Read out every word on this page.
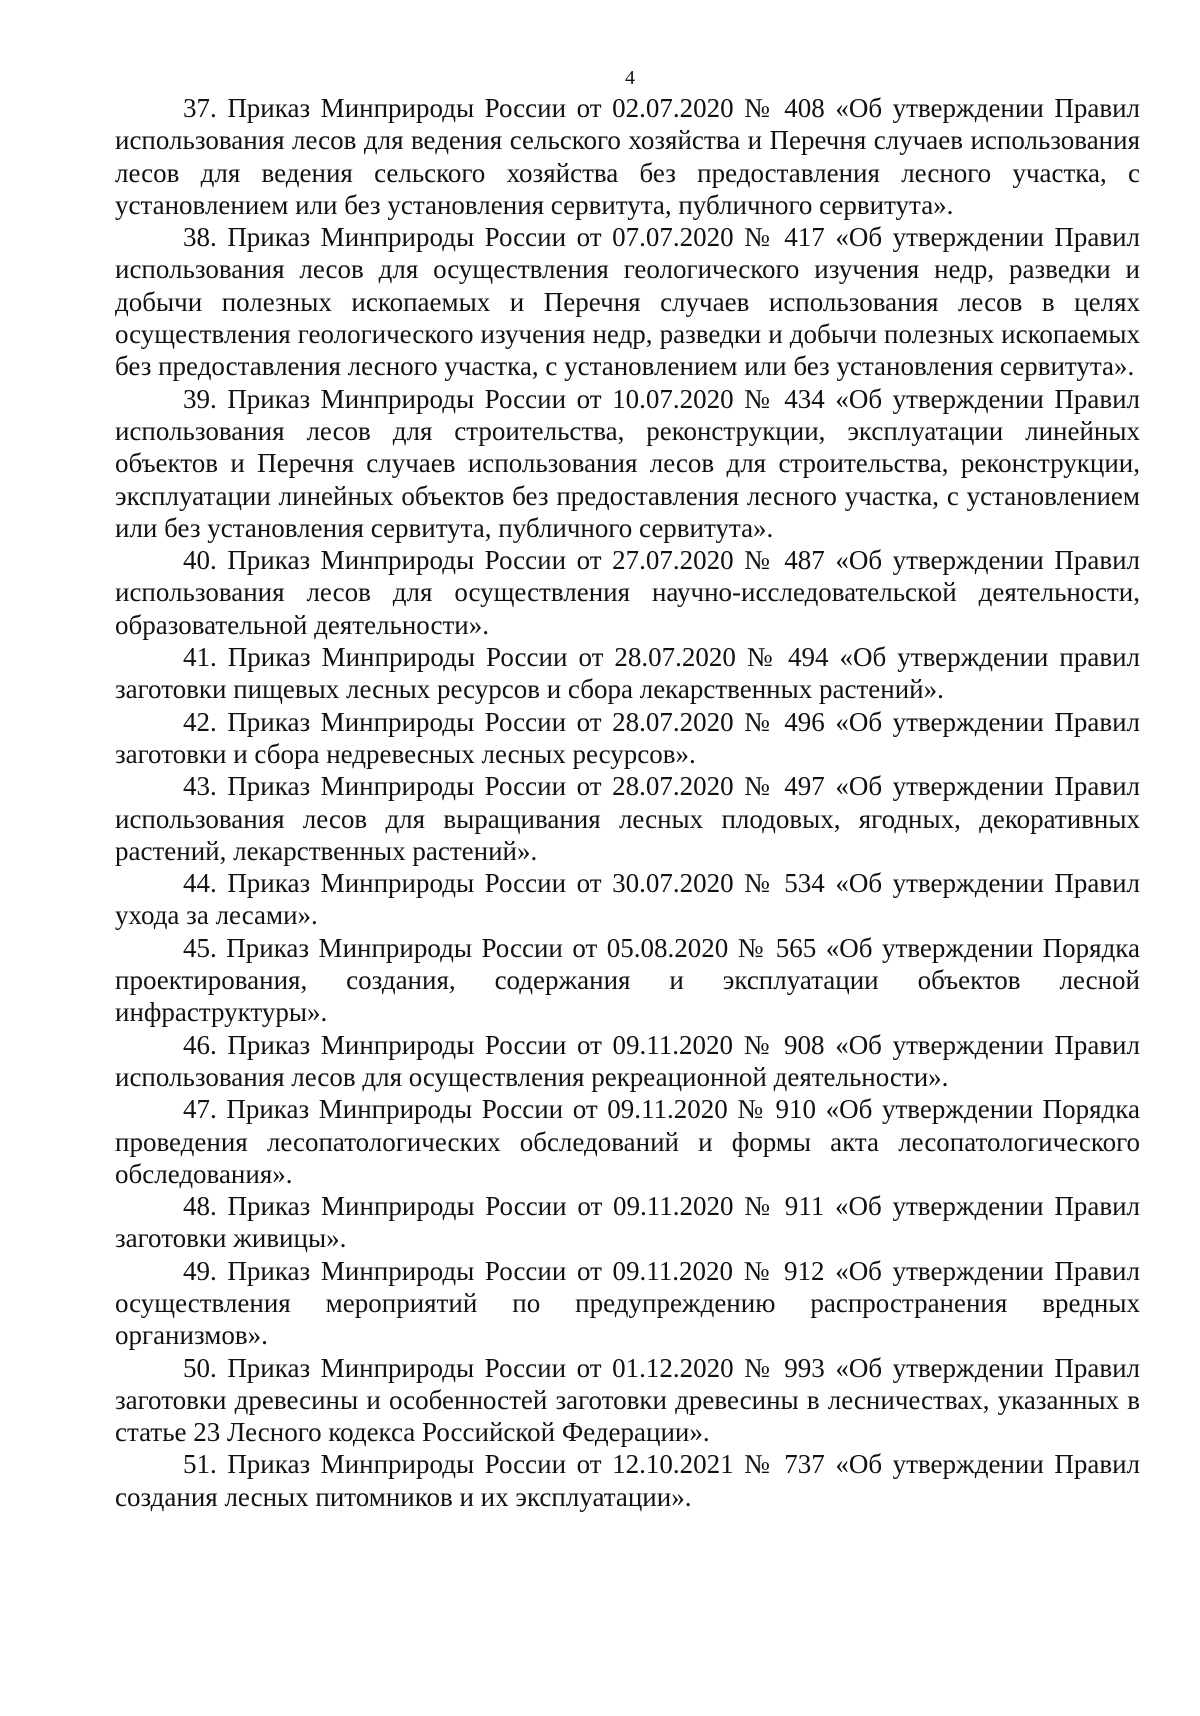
4

37. Приказ Минприроды России от 02.07.2020 № 408 «Об утверждении Правил использования лесов для ведения сельского хозяйства и Перечня случаев использования лесов для ведения сельского хозяйства без предоставления лесного участка, с установлением или без установления сервитута, публичного сервитута».

38. Приказ Минприроды России от 07.07.2020 № 417 «Об утверждении Правил использования лесов для осуществления геологического изучения недр, разведки и добычи полезных ископаемых и Перечня случаев использования лесов в целях осуществления геологического изучения недр, разведки и добычи полезных ископаемых без предоставления лесного участка, с установлением или без установления сервитута».

39. Приказ Минприроды России от 10.07.2020 № 434 «Об утверждении Правил использования лесов для строительства, реконструкции, эксплуатации линейных объектов и Перечня случаев использования лесов для строительства, реконструкции, эксплуатации линейных объектов без предоставления лесного участка, с установлением или без установления сервитута, публичного сервитута».

40. Приказ Минприроды России от 27.07.2020 № 487 «Об утверждении Правил использования лесов для осуществления научно-исследовательской деятельности, образовательной деятельности».

41. Приказ Минприроды России от 28.07.2020 № 494 «Об утверждении правил заготовки пищевых лесных ресурсов и сбора лекарственных растений».

42. Приказ Минприроды России от 28.07.2020 № 496 «Об утверждении Правил заготовки и сбора недревесных лесных ресурсов».

43. Приказ Минприроды России от 28.07.2020 № 497 «Об утверждении Правил использования лесов для выращивания лесных плодовых, ягодных, декоративных растений, лекарственных растений».

44. Приказ Минприроды России от 30.07.2020 № 534 «Об утверждении Правил ухода за лесами».

45. Приказ Минприроды России от 05.08.2020 № 565 «Об утверждении Порядка проектирования, создания, содержания и эксплуатации объектов лесной инфраструктуры».

46. Приказ Минприроды России от 09.11.2020 № 908 «Об утверждении Правил использования лесов для осуществления рекреационной деятельности».

47. Приказ Минприроды России от 09.11.2020 № 910 «Об утверждении Порядка проведения лесопатологических обследований и формы акта лесопатологического обследования».

48. Приказ Минприроды России от 09.11.2020 № 911 «Об утверждении Правил заготовки живицы».

49. Приказ Минприроды России от 09.11.2020 № 912 «Об утверждении Правил осуществления мероприятий по предупреждению распространения вредных организмов».

50. Приказ Минприроды России от 01.12.2020 № 993 «Об утверждении Правил заготовки древесины и особенностей заготовки древесины в лесничествах, указанных в статье 23 Лесного кодекса Российской Федерации».

51. Приказ Минприроды России от 12.10.2021 № 737 «Об утверждении Правил создания лесных питомников и их эксплуатации».
